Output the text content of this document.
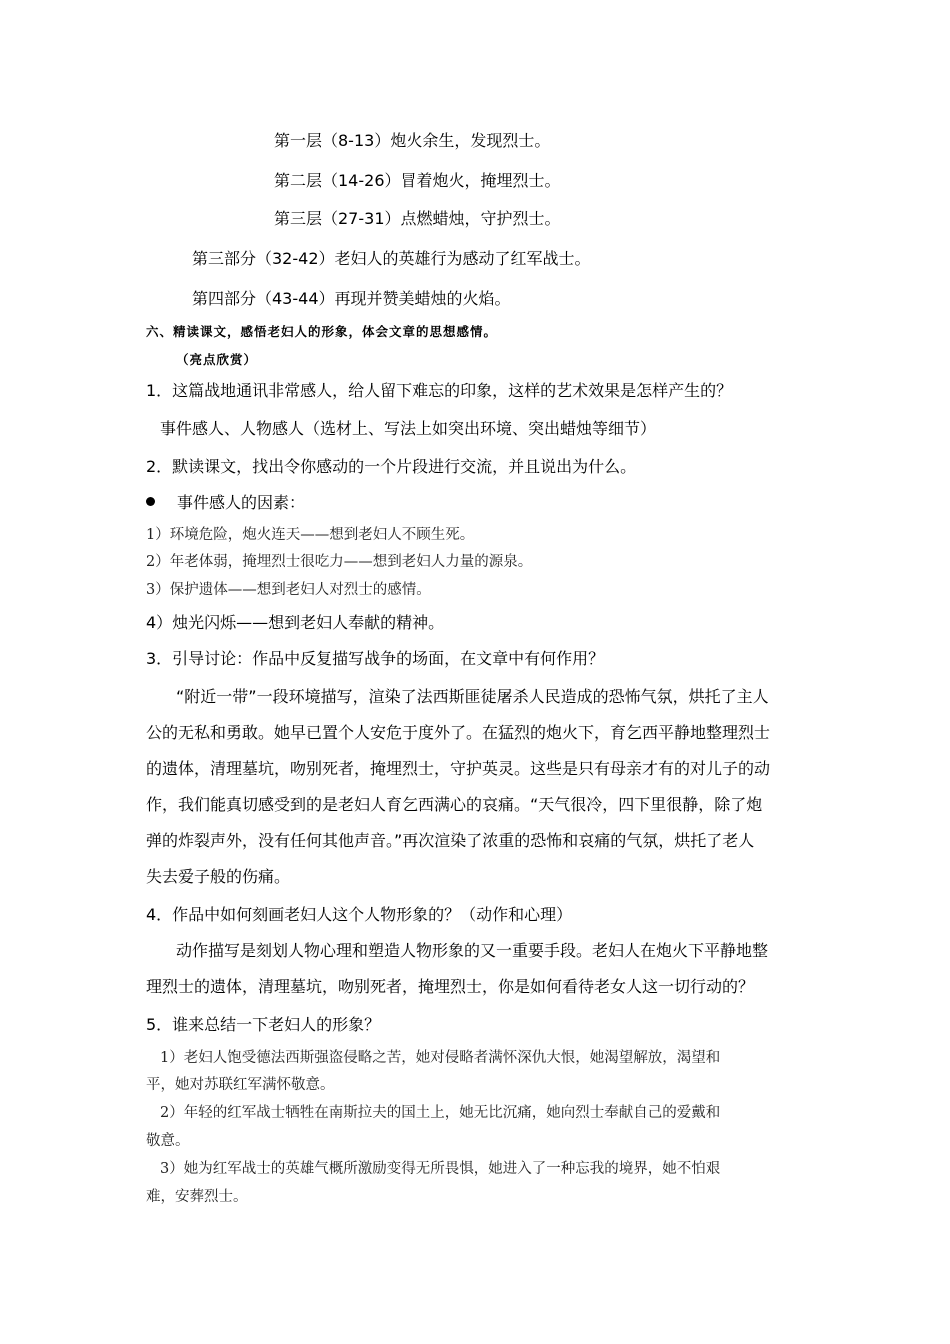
第一层（8-13）炮火余生，发现烈士。
第二层（14-26）冒着炮火，掩埋烈士。
第三层（27-31）点燃蜡烛，守护烈士。
第三部分（32-42）老妇人的英雄行为感动了红军战士。
第四部分（43-44）再现并赞美蜡烛的火焰。
六、精读课文，感悟老妇人的形象，体会文章的思想感情。
（亮点欣赏）
1．这篇战地通讯非常感人，给人留下难忘的印象，这样的艺术效果是怎样产生的？
事件感人、人物感人（选材上、写法上如突出环境、突出蜡烛等细节）
2．默读课文，找出令你感动的一个片段进行交流，并且说出为什么。
事件感人的因素：
1）环境危险，炮火连天——想到老妇人不顾生死。
2）年老体弱，掩埋烈士很吃力——想到老妇人力量的源泉。
3）保护遗体——想到老妇人对烈士的感情。
4）烛光闪烁——想到老妇人奉献的精神。
3．引导讨论：作品中反复描写战争的场面，在文章中有何作用？
“附近一带”一段环境描写，渲染了法西斯匪徒屠杀人民造成的恐怖气氛，烘托了主人
公的无私和勇敢。她早已置个人安危于度外了。在猛烈的炮火下，育乞西平静地整理烈士
的遗体，清理墓坑，吻别死者，掩埋烈士，守护英灵。这些是只有母亲才有的对儿子的动
作，我们能真切感受到的是老妇人育乞西满心的哀痛。“天气很冷，四下里很静，除了炮
弹的炸裂声外，没有任何其他声音。”再次渲染了浓重的恐怖和哀痛的气氛，烘托了老人
失去爱子般的伤痛。
4．作品中如何刻画老妇人这个人物形象的？（动作和心理）
动作描写是刻划人物心理和塑造人物形象的又一重要手段。老妇人在炮火下平静地整
理烈士的遗体，清理墓坑，吻别死者，掩埋烈士，你是如何看待老女人这一切行动的？
5．谁来总结一下老妇人的形象？
1）老妇人饱受德法西斯强盗侵略之苦，她对侵略者满怀深仇大恨，她渴望解放，渴望和
平，她对苏联红军满怀敬意。
2）年轻的红军战士牺牲在南斯拉夫的国土上，她无比沉痛，她向烈士奉献自己的爱戴和
敬意。
3）她为红军战士的英雄气概所激励变得无所畏惧，她进入了一种忘我的境界，她不怕艰
难，安葬烈士。
